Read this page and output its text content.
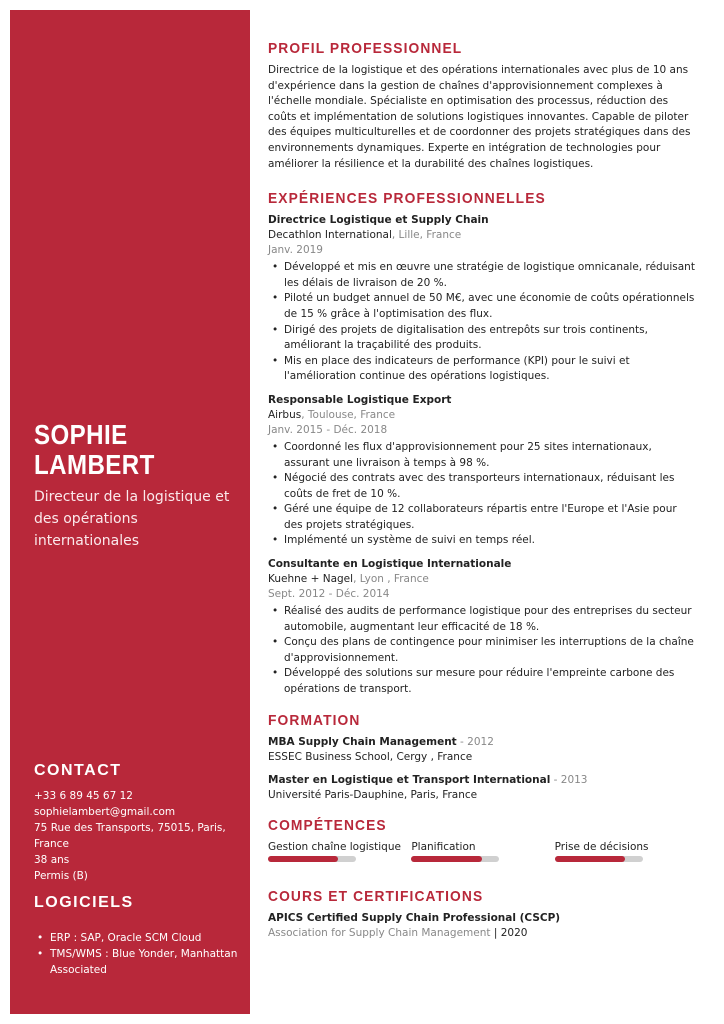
SOPHIE
LAMBERT
Directeur de la logistique et des opérations internationales
CONTACT
+33 6 89 45 67 12
sophielambert@gmail.com
75 Rue des Transports, 75015, Paris, France
38 ans
Permis (B)
LOGICIELS
• ERP : SAP, Oracle SCM Cloud
• TMS/WMS : Blue Yonder, Manhattan Associated
PROFIL PROFESSIONNEL

Directrice de la logistique et des opérations internationales avec plus de 10 ans d'expérience dans la gestion de chaînes d'approvisionnement complexes à l'échelle mondiale. Spécialiste en optimisation des processus, réduction des coûts et implémentation de solutions logistiques innovantes. Capable de piloter des équipes multiculturelles et de coordonner des projets stratégiques dans des environnements dynamiques. Experte en intégration de technologies pour améliorer la résilience et la durabilité des chaînes logistiques.

EXPÉRIENCES PROFESSIONNELLES
Directrice Logistique et Supply Chain
Decathlon International, Lille, France
Janv. 2019
• Développé et mis en œuvre une stratégie de logistique omnicanale, réduisant les délais de livraison de 20 %.
• Piloté un budget annuel de 50 M€, avec une économie de coûts opérationnels de 15 % grâce à l'optimisation des flux.
• Dirigé des projets de digitalisation des entrepôts sur trois continents, améliorant la traçabilité des produits.
• Mis en place des indicateurs de performance (KPI) pour le suivi et l'amélioration continue des opérations logistiques.
Responsable Logistique Export
Airbus, Toulouse, France
Janv. 2015 - Déc. 2018
• Coordonné les flux d'approvisionnement pour 25 sites internationaux, assurant une livraison à temps à 98 %.
• Négocié des contrats avec des transporteurs internationaux, réduisant les coûts de fret de 10 %.
• Géré une équipe de 12 collaborateurs répartis entre l'Europe et l'Asie pour des projets stratégiques.
• Implémenté un système de suivi en temps réel.
Consultante en Logistique Internationale
Kuehne + Nagel, Lyon , France
Sept. 2012 - Déc. 2014
• Réalisé des audits de performance logistique pour des entreprises du secteur automobile, augmentant leur efficacité de 18 %.
• Conçu des plans de contingence pour minimiser les interruptions de la chaîne d'approvisionnement.
• Développé des solutions sur mesure pour réduire l'empreinte carbone des opérations de transport.
FORMATION
MBA Supply Chain Management - 2012
ESSEC Business School, Cergy , France
Master en Logistique et Transport International - 2013
Université Paris-Dauphine, Paris, France
COMPÉTENCES
Gestion chaîne logistique Planification	Prise de décisions
COURS ET CERTIFICATIONS
APICS Certified Supply Chain Professional (CSCP)
Association for Supply Chain Management | 2020
